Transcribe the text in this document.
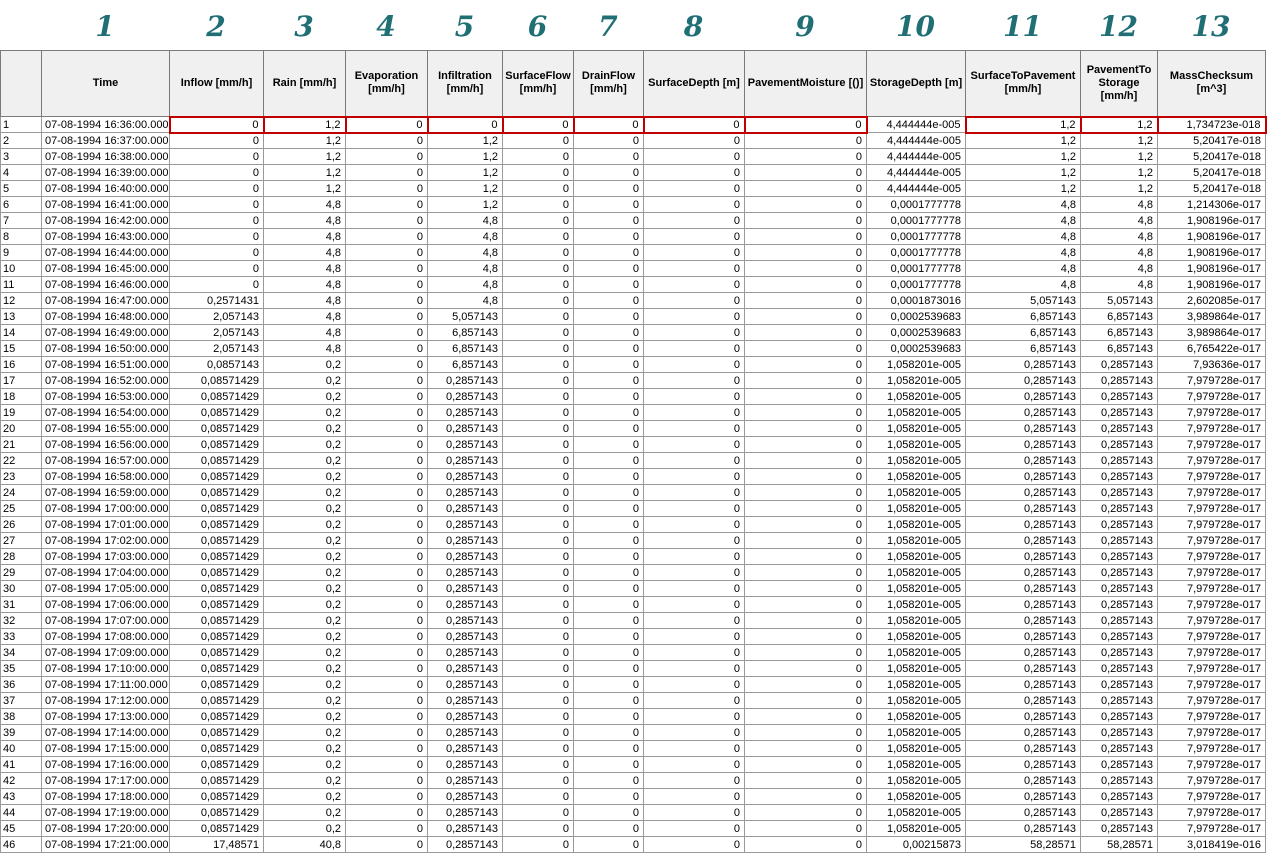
1	2	3	4	5	6	7	8	9	10	11	12	13
	Time	Inflow [mm/h]	Rain [mm/h]	Evaporation [mm/h]	Infiltration [mm/h]	SurfaceFlow [mm/h]	DrainFlow [mm/h]	SurfaceDepth [m]	PavementMoisture [()]	StorageDepth [m]	SurfaceToPavement [mm/h]	PavementTo Storage [mm/h]	MassChecksum [m^3]
1	07-08-1994 16:36:00.000	0	1,2	0	0	0	0	0	0	4,444444e-005	1,2	1,2	1,734723e-018
2	07-08-1994 16:37:00.000	0	1,2	0	1,2	0	0	0	0	4,444444e-005	1,2	1,2	5,20417e-018
3	07-08-1994 16:38:00.000	0	1,2	0	1,2	0	0	0	0	4,444444e-005	1,2	1,2	5,20417e-018
4	07-08-1994 16:39:00.000	0	1,2	0	1,2	0	0	0	0	4,444444e-005	1,2	1,2	5,20417e-018
5	07-08-1994 16:40:00.000	0	1,2	0	1,2	0	0	0	0	4,444444e-005	1,2	1,2	5,20417e-018
6	07-08-1994 16:41:00.000	0	4,8	0	1,2	0	0	0	0	0,0001777778	4,8	4,8	1,214306e-017
7	07-08-1994 16:42:00.000	0	4,8	0	4,8	0	0	0	0	0,0001777778	4,8	4,8	1,908196e-017
8	07-08-1994 16:43:00.000	0	4,8	0	4,8	0	0	0	0	0,0001777778	4,8	4,8	1,908196e-017
9	07-08-1994 16:44:00.000	0	4,8	0	4,8	0	0	0	0	0,0001777778	4,8	4,8	1,908196e-017
10	07-08-1994 16:45:00.000	0	4,8	0	4,8	0	0	0	0	0,0001777778	4,8	4,8	1,908196e-017
11	07-08-1994 16:46:00.000	0	4,8	0	4,8	0	0	0	0	0,0001777778	4,8	4,8	1,908196e-017
12	07-08-1994 16:47:00.000	0,2571431	4,8	0	4,8	0	0	0	0	0,0001873016	5,057143	5,057143	2,602085e-017
13	07-08-1994 16:48:00.000	2,057143	4,8	0	5,057143	0	0	0	0	0,0002539683	6,857143	6,857143	3,989864e-017
14	07-08-1994 16:49:00.000	2,057143	4,8	0	6,857143	0	0	0	0	0,0002539683	6,857143	6,857143	3,989864e-017
15	07-08-1994 16:50:00.000	2,057143	4,8	0	6,857143	0	0	0	0	0,0002539683	6,857143	6,857143	6,765422e-017
16	07-08-1994 16:51:00.000	0,0857143	0,2	0	6,857143	0	0	0	0	1,058201e-005	0,2857143	0,2857143	7,93636e-017
17	07-08-1994 16:52:00.000	0,08571429	0,2	0	0,2857143	0	0	0	0	1,058201e-005	0,2857143	0,2857143	7,979728e-017
18	07-08-1994 16:53:00.000	0,08571429	0,2	0	0,2857143	0	0	0	0	1,058201e-005	0,2857143	0,2857143	7,979728e-017
19	07-08-1994 16:54:00.000	0,08571429	0,2	0	0,2857143	0	0	0	0	1,058201e-005	0,2857143	0,2857143	7,979728e-017
20	07-08-1994 16:55:00.000	0,08571429	0,2	0	0,2857143	0	0	0	0	1,058201e-005	0,2857143	0,2857143	7,979728e-017
21	07-08-1994 16:56:00.000	0,08571429	0,2	0	0,2857143	0	0	0	0	1,058201e-005	0,2857143	0,2857143	7,979728e-017
22	07-08-1994 16:57:00.000	0,08571429	0,2	0	0,2857143	0	0	0	0	1,058201e-005	0,2857143	0,2857143	7,979728e-017
23	07-08-1994 16:58:00.000	0,08571429	0,2	0	0,2857143	0	0	0	0	1,058201e-005	0,2857143	0,2857143	7,979728e-017
24	07-08-1994 16:59:00.000	0,08571429	0,2	0	0,2857143	0	0	0	0	1,058201e-005	0,2857143	0,2857143	7,979728e-017
25	07-08-1994 17:00:00.000	0,08571429	0,2	0	0,2857143	0	0	0	0	1,058201e-005	0,2857143	0,2857143	7,979728e-017
26	07-08-1994 17:01:00.000	0,08571429	0,2	0	0,2857143	0	0	0	0	1,058201e-005	0,2857143	0,2857143	7,979728e-017
27	07-08-1994 17:02:00.000	0,08571429	0,2	0	0,2857143	0	0	0	0	1,058201e-005	0,2857143	0,2857143	7,979728e-017
28	07-08-1994 17:03:00.000	0,08571429	0,2	0	0,2857143	0	0	0	0	1,058201e-005	0,2857143	0,2857143	7,979728e-017
29	07-08-1994 17:04:00.000	0,08571429	0,2	0	0,2857143	0	0	0	0	1,058201e-005	0,2857143	0,2857143	7,979728e-017
30	07-08-1994 17:05:00.000	0,08571429	0,2	0	0,2857143	0	0	0	0	1,058201e-005	0,2857143	0,2857143	7,979728e-017
31	07-08-1994 17:06:00.000	0,08571429	0,2	0	0,2857143	0	0	0	0	1,058201e-005	0,2857143	0,2857143	7,979728e-017
32	07-08-1994 17:07:00.000	0,08571429	0,2	0	0,2857143	0	0	0	0	1,058201e-005	0,2857143	0,2857143	7,979728e-017
33	07-08-1994 17:08:00.000	0,08571429	0,2	0	0,2857143	0	0	0	0	1,058201e-005	0,2857143	0,2857143	7,979728e-017
34	07-08-1994 17:09:00.000	0,08571429	0,2	0	0,2857143	0	0	0	0	1,058201e-005	0,2857143	0,2857143	7,979728e-017
35	07-08-1994 17:10:00.000	0,08571429	0,2	0	0,2857143	0	0	0	0	1,058201e-005	0,2857143	0,2857143	7,979728e-017
36	07-08-1994 17:11:00.000	0,08571429	0,2	0	0,2857143	0	0	0	0	1,058201e-005	0,2857143	0,2857143	7,979728e-017
37	07-08-1994 17:12:00.000	0,08571429	0,2	0	0,2857143	0	0	0	0	1,058201e-005	0,2857143	0,2857143	7,979728e-017
38	07-08-1994 17:13:00.000	0,08571429	0,2	0	0,2857143	0	0	0	0	1,058201e-005	0,2857143	0,2857143	7,979728e-017
39	07-08-1994 17:14:00.000	0,08571429	0,2	0	0,2857143	0	0	0	0	1,058201e-005	0,2857143	0,2857143	7,979728e-017
40	07-08-1994 17:15:00.000	0,08571429	0,2	0	0,2857143	0	0	0	0	1,058201e-005	0,2857143	0,2857143	7,979728e-017
41	07-08-1994 17:16:00.000	0,08571429	0,2	0	0,2857143	0	0	0	0	1,058201e-005	0,2857143	0,2857143	7,979728e-017
42	07-08-1994 17:17:00.000	0,08571429	0,2	0	0,2857143	0	0	0	0	1,058201e-005	0,2857143	0,2857143	7,979728e-017
43	07-08-1994 17:18:00.000	0,08571429	0,2	0	0,2857143	0	0	0	0	1,058201e-005	0,2857143	0,2857143	7,979728e-017
44	07-08-1994 17:19:00.000	0,08571429	0,2	0	0,2857143	0	0	0	0	1,058201e-005	0,2857143	0,2857143	7,979728e-017
45	07-08-1994 17:20:00.000	0,08571429	0,2	0	0,2857143	0	0	0	0	1,058201e-005	0,2857143	0,2857143	7,979728e-017
46	07-08-1994 17:21:00.000	17,48571	40,8	0	0,2857143	0	0	0	0	0,00215873	58,28571	58,28571	3,018419e-016
